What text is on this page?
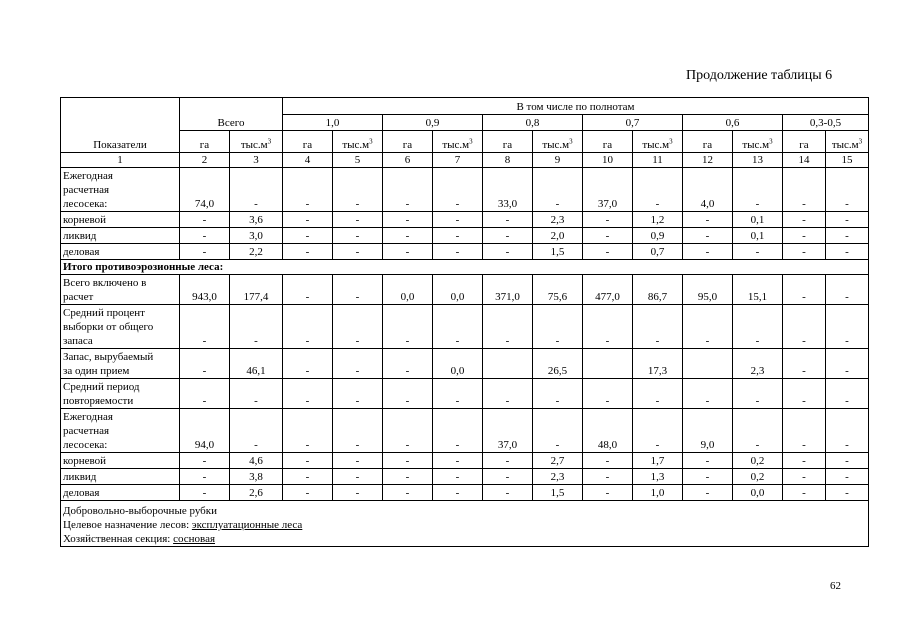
Продолжение таблицы 6
Показатели	Всего		В том числе по полнотам											
			1,0		0,9		0,8		0,7		0,6		0,3-0,5	
	га	$тыс.м^3$	га	$тыс.м^3$	га	$тыс.м^3$	га	$тыс.м^3$	га	$тыс.м^3$	га	$тыс.м^3$	га	$тыс.м^3$
1	2	3	4	5	6	7	8	9	10	11	12	13	14	15

Ежегодная
расчетная
лесосека:	74,0	-	-	-	-	-	33,0	-	37,0	-	4,0	-	-	-

корневой	-	3,6	-	-	-	-	-	2,3	-	1,2	-	0,1	-	-

ликвид	-	3,0	-	-	-	-	-	2,0	-	0,9	-	0,1	-	-

деловая	-	2,2	-	-	-	-	-	1,5	-	0,7	-	-	-	-
Итого противоэрозионные леса:														

Всего включено в
расчет	943,0	177,4	-	-	0,0	0,0	371,0	75,6	477,0	86,7	95,0	15,1	-	-

Средний процент
выборки от общего
запаса	-	-	-	-	-	-	-	-	-	-	-	-	-	-

Запас, вырубаемый
за один прием	-	46,1	-	-	-	0,0		26,5		17,3		2,3	-	-

Средний период
повторяемости	-	-	-	-	-	-	-	-	-	-	-	-	-	-

Ежегодная
расчетная
лесосека:	94,0	-	-	-	-	-	37,0	-	48,0	-	9,0	-	-	-

корневой	-	4,6	-	-	-	-	-	2,7	-	1,7	-	0,2	-	-

ликвид	-	3,8	-	-	-	-	-	2,3	-	1,3	-	0,2	-	-

деловая	-	2,6	-	-	-	-	-	1,5	-	1,0	-	0,0	-	-

Добровольно-выборочные рубки
Целевое назначение лесов: эксплуатационные леса
Хозяйственная секция: сосновая														
62
